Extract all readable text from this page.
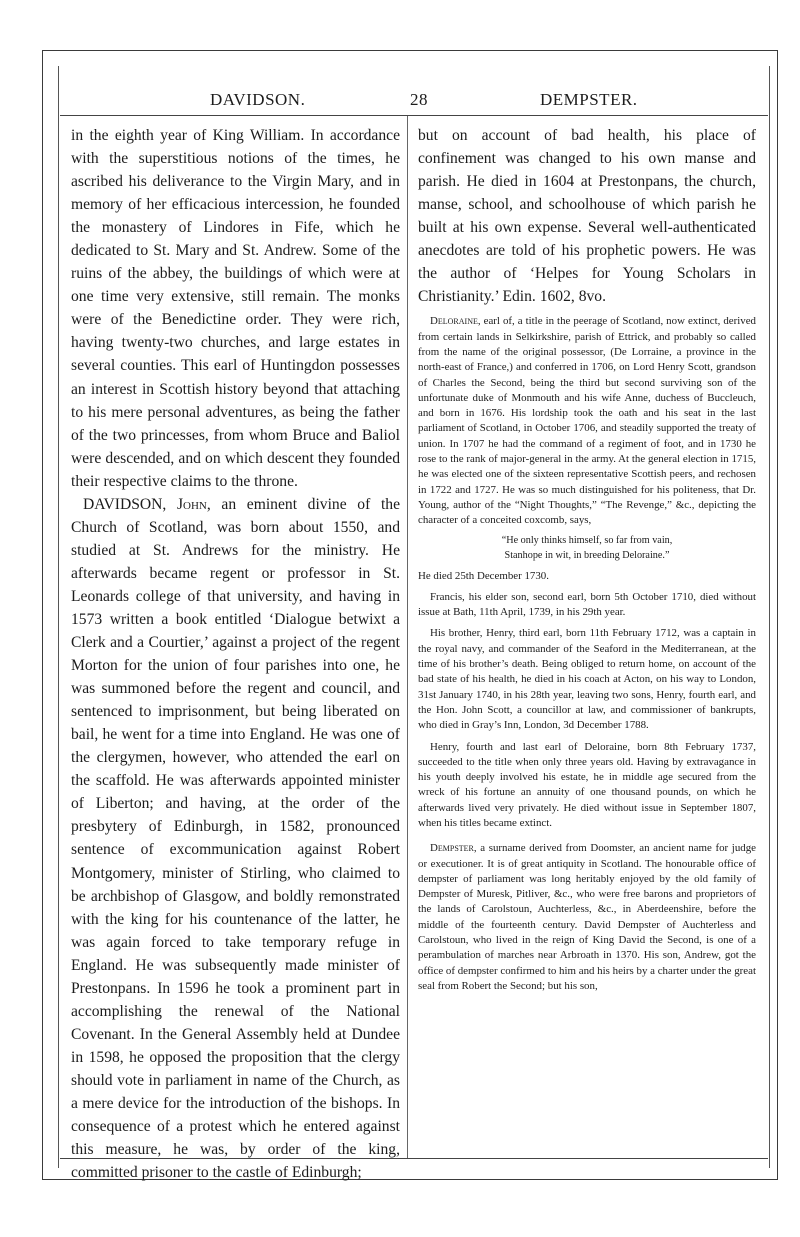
DAVIDSON.	28	DEMPSTER.

in the eighth year of King William. In accordance with the superstitious notions of the times, he ascribed his deliverance to the Virgin Mary, and in memory of her efficacious intercession, he founded the monastery of Lindores in Fife, which he dedicated to St. Mary and St. Andrew. Some of the ruins of the abbey, the buildings of which were at one time very extensive, still remain. The monks were of the Benedictine order. They were rich, having twenty-two churches, and large estates in several counties. This earl of Huntingdon possesses an interest in Scottish history beyond that attaching to his mere personal adventures, as being the father of the two princesses, from whom Bruce and Baliol were descended, and on which descent they founded their respective claims to the throne.

DAVIDSON, John, an eminent divine of the Church of Scotland, was born about 1550, and studied at St. Andrews for the ministry. He afterwards became regent or professor in St. Leonards college of that university, and having in 1573 written a book entitled ‘Dialogue betwixt a Clerk and a Courtier,’ against a project of the regent Morton for the union of four parishes into one, he was summoned before the regent and council, and sentenced to imprisonment, but being liberated on bail, he went for a time into England. He was one of the clergymen, however, who attended the earl on the scaffold. He was afterwards appointed minister of Liberton; and having, at the order of the presbytery of Edinburgh, in 1582, pronounced sentence of excommunication against Robert Montgomery, minister of Stirling, who claimed to be archbishop of Glasgow, and boldly remonstrated with the king for his countenance of the latter, he was again forced to take temporary refuge in England. He was subsequently made minister of Prestonpans. In 1596 he took a prominent part in accomplishing the renewal of the National Covenant. In the General Assembly held at Dundee in 1598, he opposed the proposition that the clergy should vote in parliament in name of the Church, as a mere device for the introduction of the bishops. In consequence of a protest which he entered against this measure, he was, by order of the king, committed prisoner to the castle of Edinburgh;

but on account of bad health, his place of confinement was changed to his own manse and parish. He died in 1604 at Prestonpans, the church, manse, school, and schoolhouse of which parish he built at his own expense. Several well-authenticated anecdotes are told of his prophetic powers. He was the author of ‘Helpes for Young Scholars in Christianity.’ Edin. 1602, 8vo.

Deloraine, earl of, a title in the peerage of Scotland, now extinct, derived from certain lands in Selkirkshire, parish of Ettrick, and probably so called from the name of the original possessor, (De Lorraine, a province in the north-east of France,) and conferred in 1706, on Lord Henry Scott, grandson of Charles the Second, being the third but second surviving son of the unfortunate duke of Monmouth and his wife Anne, duchess of Buccleuch, and born in 1676. His lordship took the oath and his seat in the last parliament of Scotland, in October 1706, and steadily supported the treaty of union. In 1707 he had the command of a regiment of foot, and in 1730 he rose to the rank of major-general in the army. At the general election in 1715, he was elected one of the sixteen representative Scottish peers, and rechosen in 1722 and 1727. He was so much distinguished for his politeness, that Dr. Young, author of the “Night Thoughts,” “The Revenge,” &c., depicting the character of a conceited coxcomb, says,

“He only thinks himself, so far from vain,
Stanhope in wit, in breeding Deloraine.”

He died 25th December 1730.

Francis, his elder son, second earl, born 5th October 1710, died without issue at Bath, 11th April, 1739, in his 29th year.

His brother, Henry, third earl, born 11th February 1712, was a captain in the royal navy, and commander of the Seaford in the Mediterranean, at the time of his brother’s death. Being obliged to return home, on account of the bad state of his health, he died in his coach at Acton, on his way to London, 31st January 1740, in his 28th year, leaving two sons, Henry, fourth earl, and the Hon. John Scott, a councillor at law, and commissioner of bankrupts, who died in Gray’s Inn, London, 3d December 1788.

Henry, fourth and last earl of Deloraine, born 8th February 1737, succeeded to the title when only three years old. Having by extravagance in his youth deeply involved his estate, he in middle age secured from the wreck of his fortune an annuity of one thousand pounds, on which he afterwards lived very privately. He died without issue in September 1807, when his titles became extinct.

Dempster, a surname derived from Doomster, an ancient name for judge or executioner. It is of great antiquity in Scotland. The honourable office of dempster of parliament was long heritably enjoyed by the old family of Dempster of Muresk, Pitliver, &c., who were free barons and proprietors of the lands of Carolstoun, Auchterless, &c., in Aberdeenshire, before the middle of the fourteenth century. David Dempster of Auchterless and Carolstoun, who lived in the reign of King David the Second, is one of a perambulation of marches near Arbroath in 1370. His son, Andrew, got the office of dempster confirmed to him and his heirs by a charter under the great seal from Robert the Second; but his son,
